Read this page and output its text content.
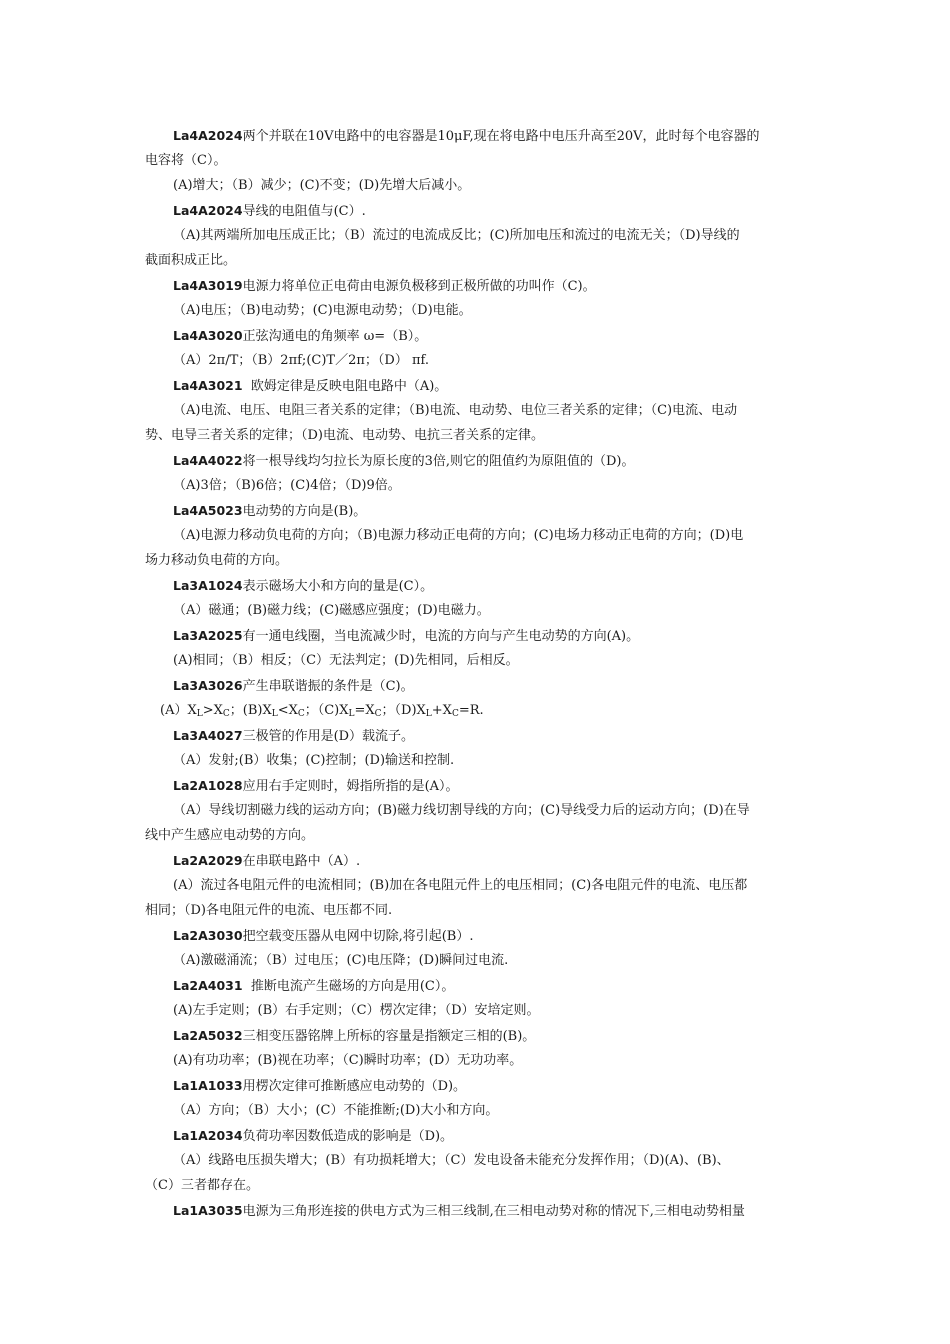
La4A2024两个并联在10V电路中的电容器是10μF,现在将电路中电压升高至20V，此时每个电容器的
电容将（C）。
(A)增大；（B）减少；(C)不变；(D)先增大后减小。
La4A2024导线的电阻值与(C）.
（A)其两端所加电压成正比；（B）流过的电流成反比；(C)所加电压和流过的电流无关；（D)导线的
截面积成正比。
La4A3019电源力将单位正电荷由电源负极移到正极所做的功叫作（C)。
（A)电压；（B)电动势；(C)电源电动势；（D)电能。
La4A3020正弦沟通电的角频率 ω=（B）。
（A）2π/T；（B）2πf;(C)T／2π；（D） πf.
La4A3021  欧姆定律是反映电阻电路中（A)。
（A)电流、电压、电阻三者关系的定律；（B)电流、电动势、电位三者关系的定律；（C)电流、电动
势、电导三者关系的定律；（D)电流、电动势、电抗三者关系的定律。
La4A4022将一根导线均匀拉长为原长度的3倍,则它的阻值约为原阻值的（D)。
（A)3倍；（B)6倍；(C)4倍；（D)9倍。
La4A5023电动势的方向是(B)。
（A)电源力移动负电荷的方向；（B)电源力移动正电荷的方向；(C)电场力移动正电荷的方向；(D)电
场力移动负电荷的方向。
La3A1024表示磁场大小和方向的量是(C）。
（A）磁通；(B)磁力线；(C)磁感应强度；(D)电磁力。
La3A2025有一通电线圈，当电流减少时，电流的方向与产生电动势的方向(A)。
(A)相同；（B）相反；（C）无法判定；(D)先相同，后相反。
La3A3026产生串联谐振的条件是（C)。
$(A)X_L>X_C$；$(B)X_L<X_C$；$(C)X_L=X_C$；$(D)X_L+X_C=R$.
La3A4027三极管的作用是(D）载流子。
（A）发射;(B）收集；(C)控制；(D)输送和控制.
La2A1028应用右手定则时，姆指所指的是(A）。
（A）导线切割磁力线的运动方向；(B)磁力线切割导线的方向；(C)导线受力后的运动方向；(D)在导
线中产生感应电动势的方向。
La2A2029在串联电路中（A）.
(A）流过各电阻元件的电流相同；(B)加在各电阻元件上的电压相同；(C)各电阻元件的电流、电压都
相同；（D)各电阻元件的电流、电压都不同.
La2A3030把空载变压器从电网中切除,将引起(B）.
（A)激磁涌流；（B）过电压；(C)电压降；(D)瞬间过电流.
La2A4031  推断电流产生磁场的方向是用(C）。
(A)左手定则；(B）右手定则；（C）楞次定律；（D）安培定则。
La2A5032三相变压器铭牌上所标的容量是指额定三相的(B)。
(A)有功功率；(B)视在功率；（C)瞬时功率；(D）无功功率。
La1A1033用楞次定律可推断感应电动势的（D)。
（A）方向；（B）大小；(C）不能推断;(D)大小和方向。
La1A2034负荷功率因数低造成的影响是（D)。
（A）线路电压损失增大；(B）有功损耗增大；（C）发电设备未能充分发挥作用；（D)(A)、(B)、
（C）三者都存在。
La1A3035电源为三角形连接的供电方式为三相三线制,在三相电动势对称的情况下,三相电动势相量
